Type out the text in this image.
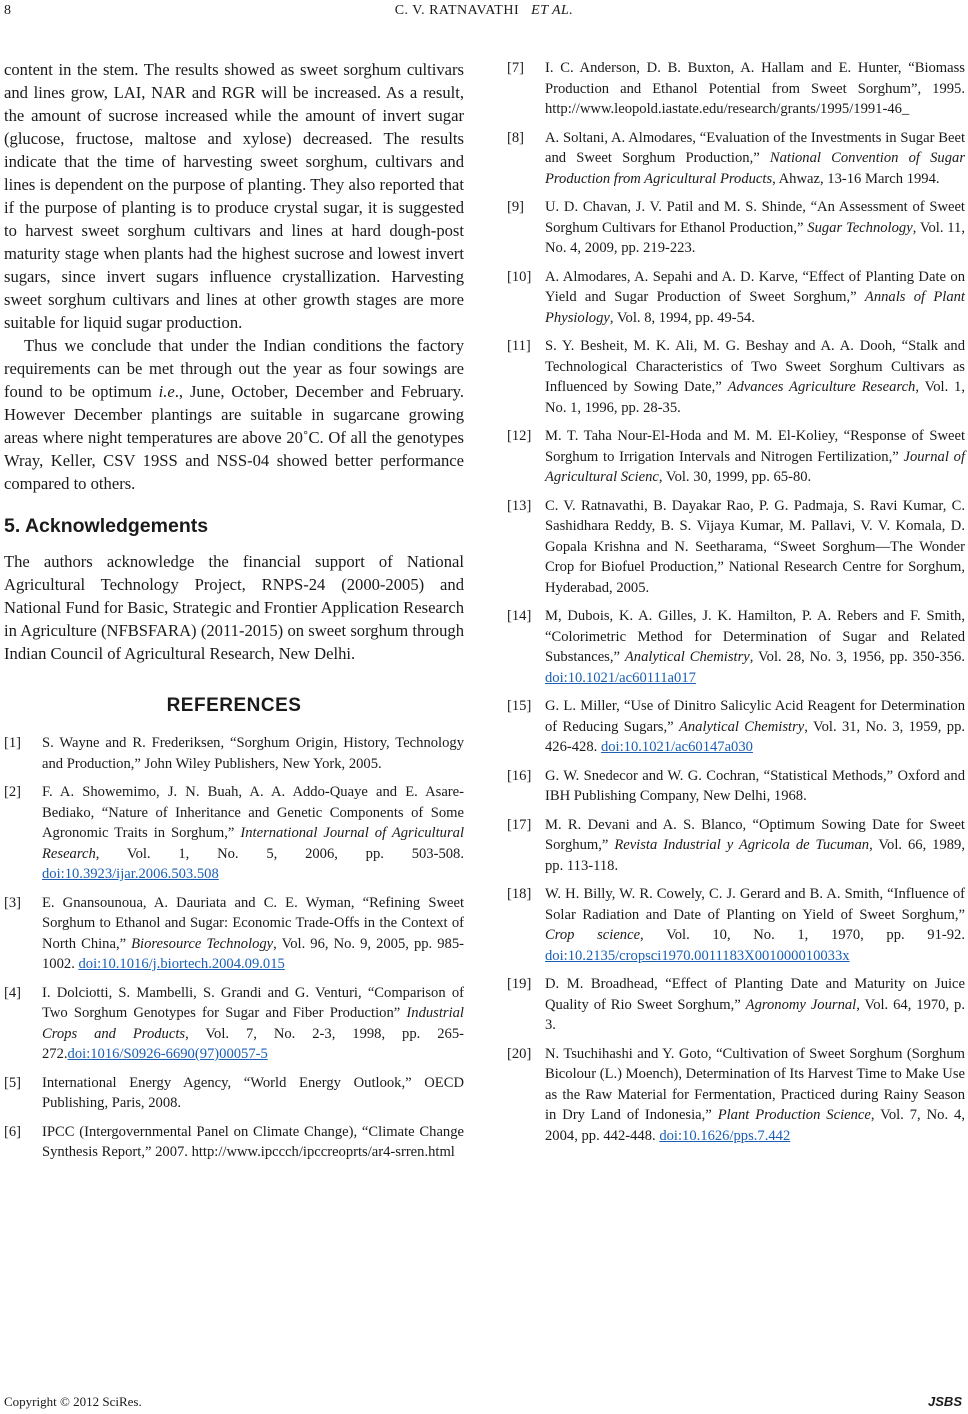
8	C. V. RATNAVATHI ET AL.

content in the stem. The results showed as sweet sorghum cultivars and lines grow, LAI, NAR and RGR will be increased. As a result, the amount of sucrose increased while the amount of invert sugar (glucose, fructose, maltose and xylose) decreased. The results indicate that the time of harvesting sweet sorghum, cultivars and lines is dependent on the purpose of planting. They also reported that if the purpose of planting is to produce crystal sugar, it is suggested to harvest sweet sorghum cultivars and lines at hard dough-post maturity stage when plants had the highest sucrose and lowest invert sugars, since invert sugars influence crystallization. Harvesting sweet sorghum cultivars and lines at other growth stages are more suitable for liquid sugar production.

Thus we conclude that under the Indian conditions the factory requirements can be met through out the year as four sowings are found to be optimum i.e., June, October, December and February. However December plantings are suitable in sugarcane growing areas where night temperatures are above 20˚C. Of all the genotypes Wray, Keller, CSV 19SS and NSS-04 showed better performance compared to others.

5. Acknowledgements

The authors acknowledge the financial support of National Agricultural Technology Project, RNPS-24 (2000-2005) and National Fund for Basic, Strategic and Frontier Application Research in Agriculture (NFBSFARA) (2011-2015) on sweet sorghum through Indian Council of Agricultural Research, New Delhi.

REFERENCES
[1] S. Wayne and R. Frederiksen, “Sorghum Origin, History, Technology and Production,” John Wiley Publishers, New York, 2005.
[2] F. A. Showemimo, J. N. Buah, A. A. Addo-Quaye and E. Asare-Bediako, “Nature of Inheritance and Genetic Components of Some Agronomic Traits in Sorghum,” International Journal of Agricultural Research, Vol. 1, No. 5, 2006, pp. 503-508. doi:10.3923/ijar.2006.503.508
[3] E. Gnansounoua, A. Dauriata and C. E. Wyman, “Refining Sweet Sorghum to Ethanol and Sugar: Economic Trade-Offs in the Context of North China,” Bioresource Technology, Vol. 96, No. 9, 2005, pp. 985-1002. doi:10.1016/j.biortech.2004.09.015
[4] I. Dolciotti, S. Mambelli, S. Grandi and G. Venturi, “Comparison of Two Sorghum Genotypes for Sugar and Fiber Production” Industrial Crops and Products, Vol. 7, No. 2-3, 1998, pp. 265-272.doi:1016/S0926-6690(97)00057-5
[5] International Energy Agency, “World Energy Outlook,” OECD Publishing, Paris, 2008.
[6] IPCC (Intergovernmental Panel on Climate Change), “Climate Change Synthesis Report,” 2007. http://www.ipccch/ipccreoprts/ar4-srren.html
[7] I. C. Anderson, D. B. Buxton, A. Hallam and E. Hunter, “Biomass Production and Ethanol Potential from Sweet Sorghum”, 1995. http://www.leopold.iastate.edu/research/grants/1995/1991-46_
[8] A. Soltani, A. Almodares, “Evaluation of the Investments in Sugar Beet and Sweet Sorghum Production,” National Convention of Sugar Production from Agricultural Products, Ahwaz, 13-16 March 1994.
[9] U. D. Chavan, J. V. Patil and M. S. Shinde, “An Assessment of Sweet Sorghum Cultivars for Ethanol Production,” Sugar Technology, Vol. 11, No. 4, 2009, pp. 219-223.
[10] A. Almodares, A. Sepahi and A. D. Karve, “Effect of Planting Date on Yield and Sugar Production of Sweet Sorghum,” Annals of Plant Physiology, Vol. 8, 1994, pp. 49-54.
[11] S. Y. Besheit, M. K. Ali, M. G. Beshay and A. A. Dooh, “Stalk and Technological Characteristics of Two Sweet Sorghum Cultivars as Influenced by Sowing Date,” Advances Agriculture Research, Vol. 1, No. 1, 1996, pp. 28-35.
[12] M. T. Taha Nour-El-Hoda and M. M. El-Koliey, “Response of Sweet Sorghum to Irrigation Intervals and Nitrogen Fertilization,” Journal of Agricultural Scienc, Vol. 30, 1999, pp. 65-80.
[13] C. V. Ratnavathi, B. Dayakar Rao, P. G. Padmaja, S. Ravi Kumar, C. Sashidhara Reddy, B. S. Vijaya Kumar, M. Pallavi, V. V. Komala, D. Gopala Krishna and N. Seetharama, “Sweet Sorghum—The Wonder Crop for Biofuel Production,” National Research Centre for Sorghum, Hyderabad, 2005.
[14] M, Dubois, K. A. Gilles, J. K. Hamilton, P. A. Rebers and F. Smith, “Colorimetric Method for Determination of Sugar and Related Substances,” Analytical Chemistry, Vol. 28, No. 3, 1956, pp. 350-356. doi:10.1021/ac60111a017
[15] G. L. Miller, “Use of Dinitro Salicylic Acid Reagent for Determination of Reducing Sugars,” Analytical Chemistry, Vol. 31, No. 3, 1959, pp. 426-428. doi:10.1021/ac60147a030
[16] G. W. Snedecor and W. G. Cochran, “Statistical Methods,” Oxford and IBH Publishing Company, New Delhi, 1968.
[17] M. R. Devani and A. S. Blanco, “Optimum Sowing Date for Sweet Sorghum,” Revista Industrial y Agricola de Tucuman, Vol. 66, 1989, pp. 113-118.
[18] W. H. Billy, W. R. Cowely, C. J. Gerard and B. A. Smith, “Influence of Solar Radiation and Date of Planting on Yield of Sweet Sorghum,” Crop science, Vol. 10, No. 1, 1970, pp. 91-92. doi:10.2135/cropsci1970.0011183X001000010033x
[19] D. M. Broadhead, “Effect of Planting Date and Maturity on Juice Quality of Rio Sweet Sorghum,” Agronomy Journal, Vol. 64, 1970, p. 3.
[20] N. Tsuchihashi and Y. Goto, “Cultivation of Sweet Sorghum (Sorghum Bicolour (L.) Moench), Determination of Its Harvest Time to Make Use as the Raw Material for Fermentation, Practiced during Rainy Season in Dry Land of Indonesia,” Plant Production Science, Vol. 7, No. 4, 2004, pp. 442-448. doi:10.1626/pps.7.442
Copyright © 2012 SciRes.	JSBS
